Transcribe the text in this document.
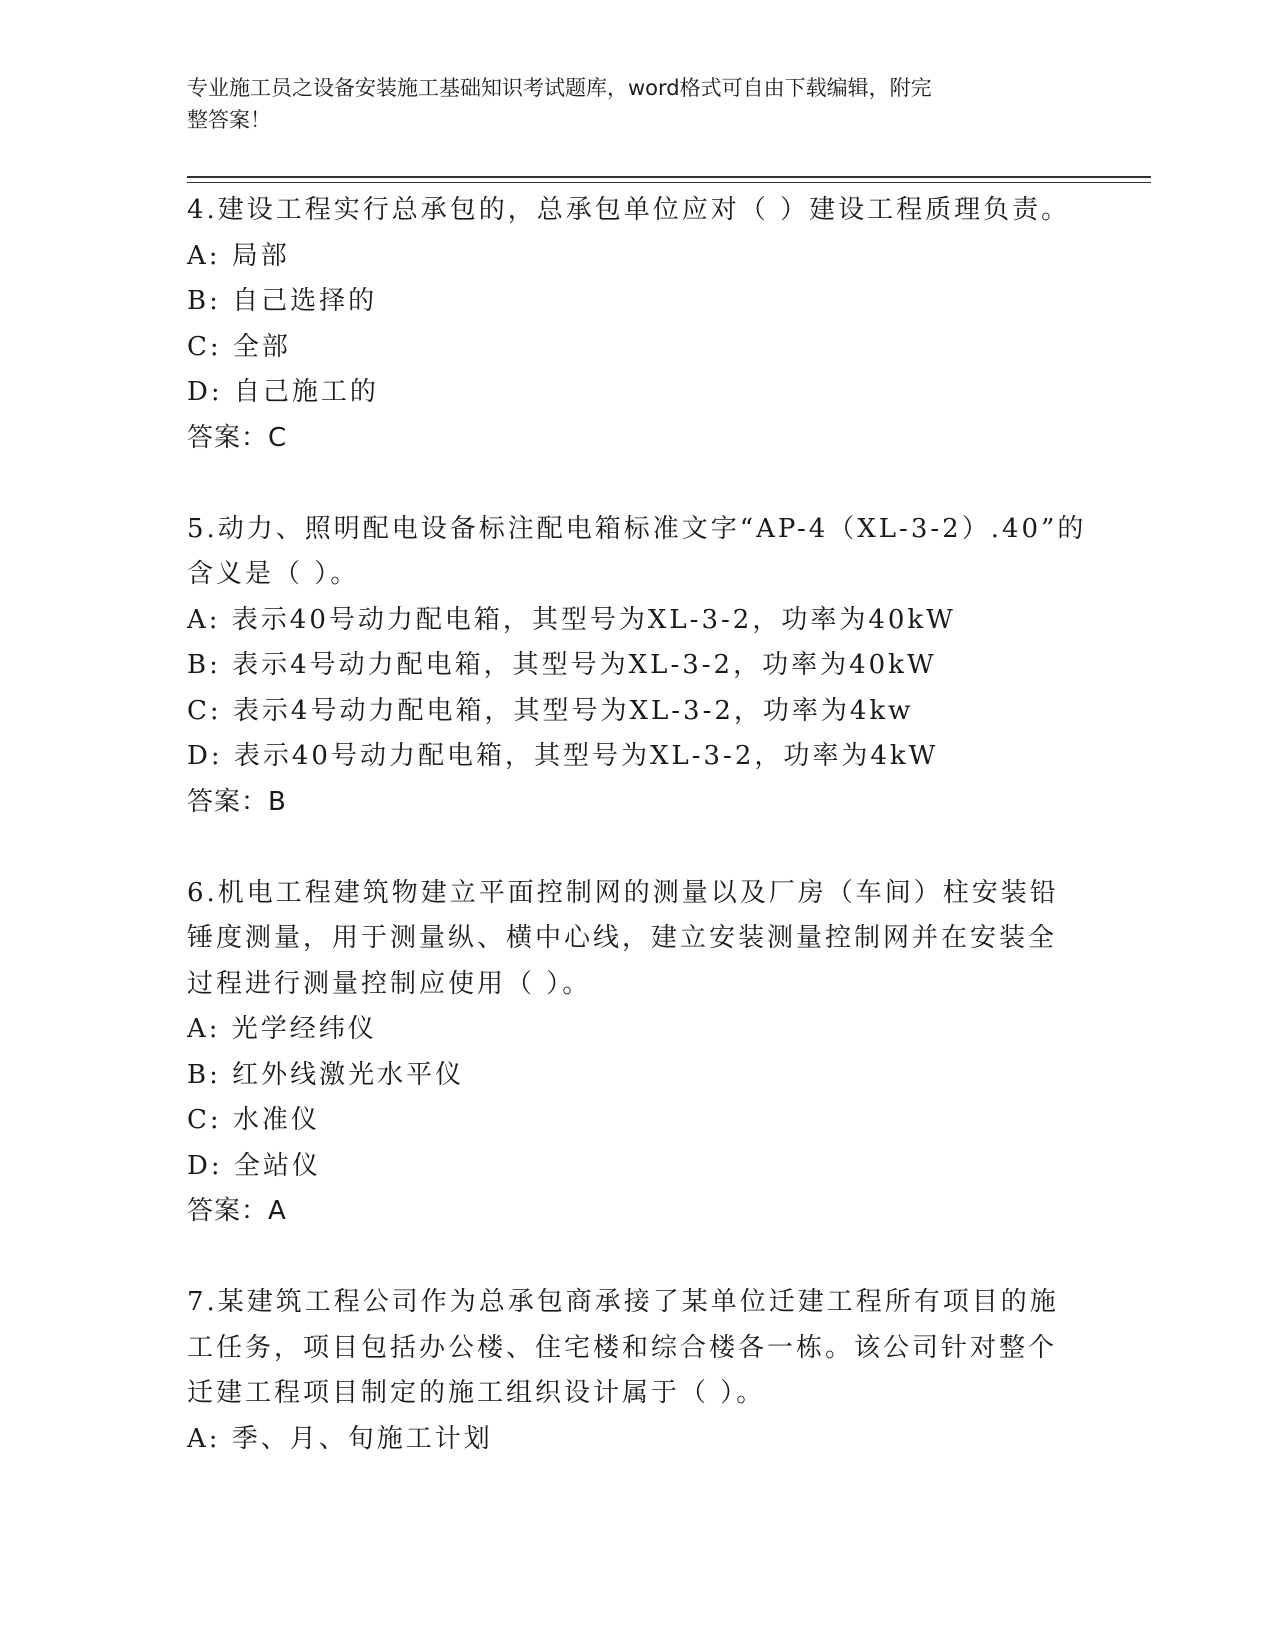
专业施工员之设备安装施工基础知识考试题库，word格式可自由下载编辑，附完
整答案！
4.建设工程实行总承包的，总承包单位应对（ ）建设工程质理负责。
A: 局部
B: 自己选择的
C: 全部
D: 自己施工的
答案：C
5.动力、照明配电设备标注配电箱标准文字“AP-4（XL-3-2）.40”的
含义是（ ）。
A: 表示40号动力配电箱，其型号为XL-3-2，功率为40kW
B: 表示4号动力配电箱，其型号为XL-3-2，功率为40kW
C: 表示4号动力配电箱，其型号为XL-3-2，功率为4kw
D: 表示40号动力配电箱，其型号为XL-3-2，功率为4kW
答案：B
6.机电工程建筑物建立平面控制网的测量以及厂房（车间）柱安装铅
锤度测量，用于测量纵、横中心线，建立安装测量控制网并在安装全
过程进行测量控制应使用（ ）。
A: 光学经纬仪
B: 红外线激光水平仪
C: 水准仪
D: 全站仪
答案：A
7.某建筑工程公司作为总承包商承接了某单位迁建工程所有项目的施
工任务，项目包括办公楼、住宅楼和综合楼各一栋。该公司针对整个
迁建工程项目制定的施工组织设计属于（ ）。
A: 季、月、旬施工计划
